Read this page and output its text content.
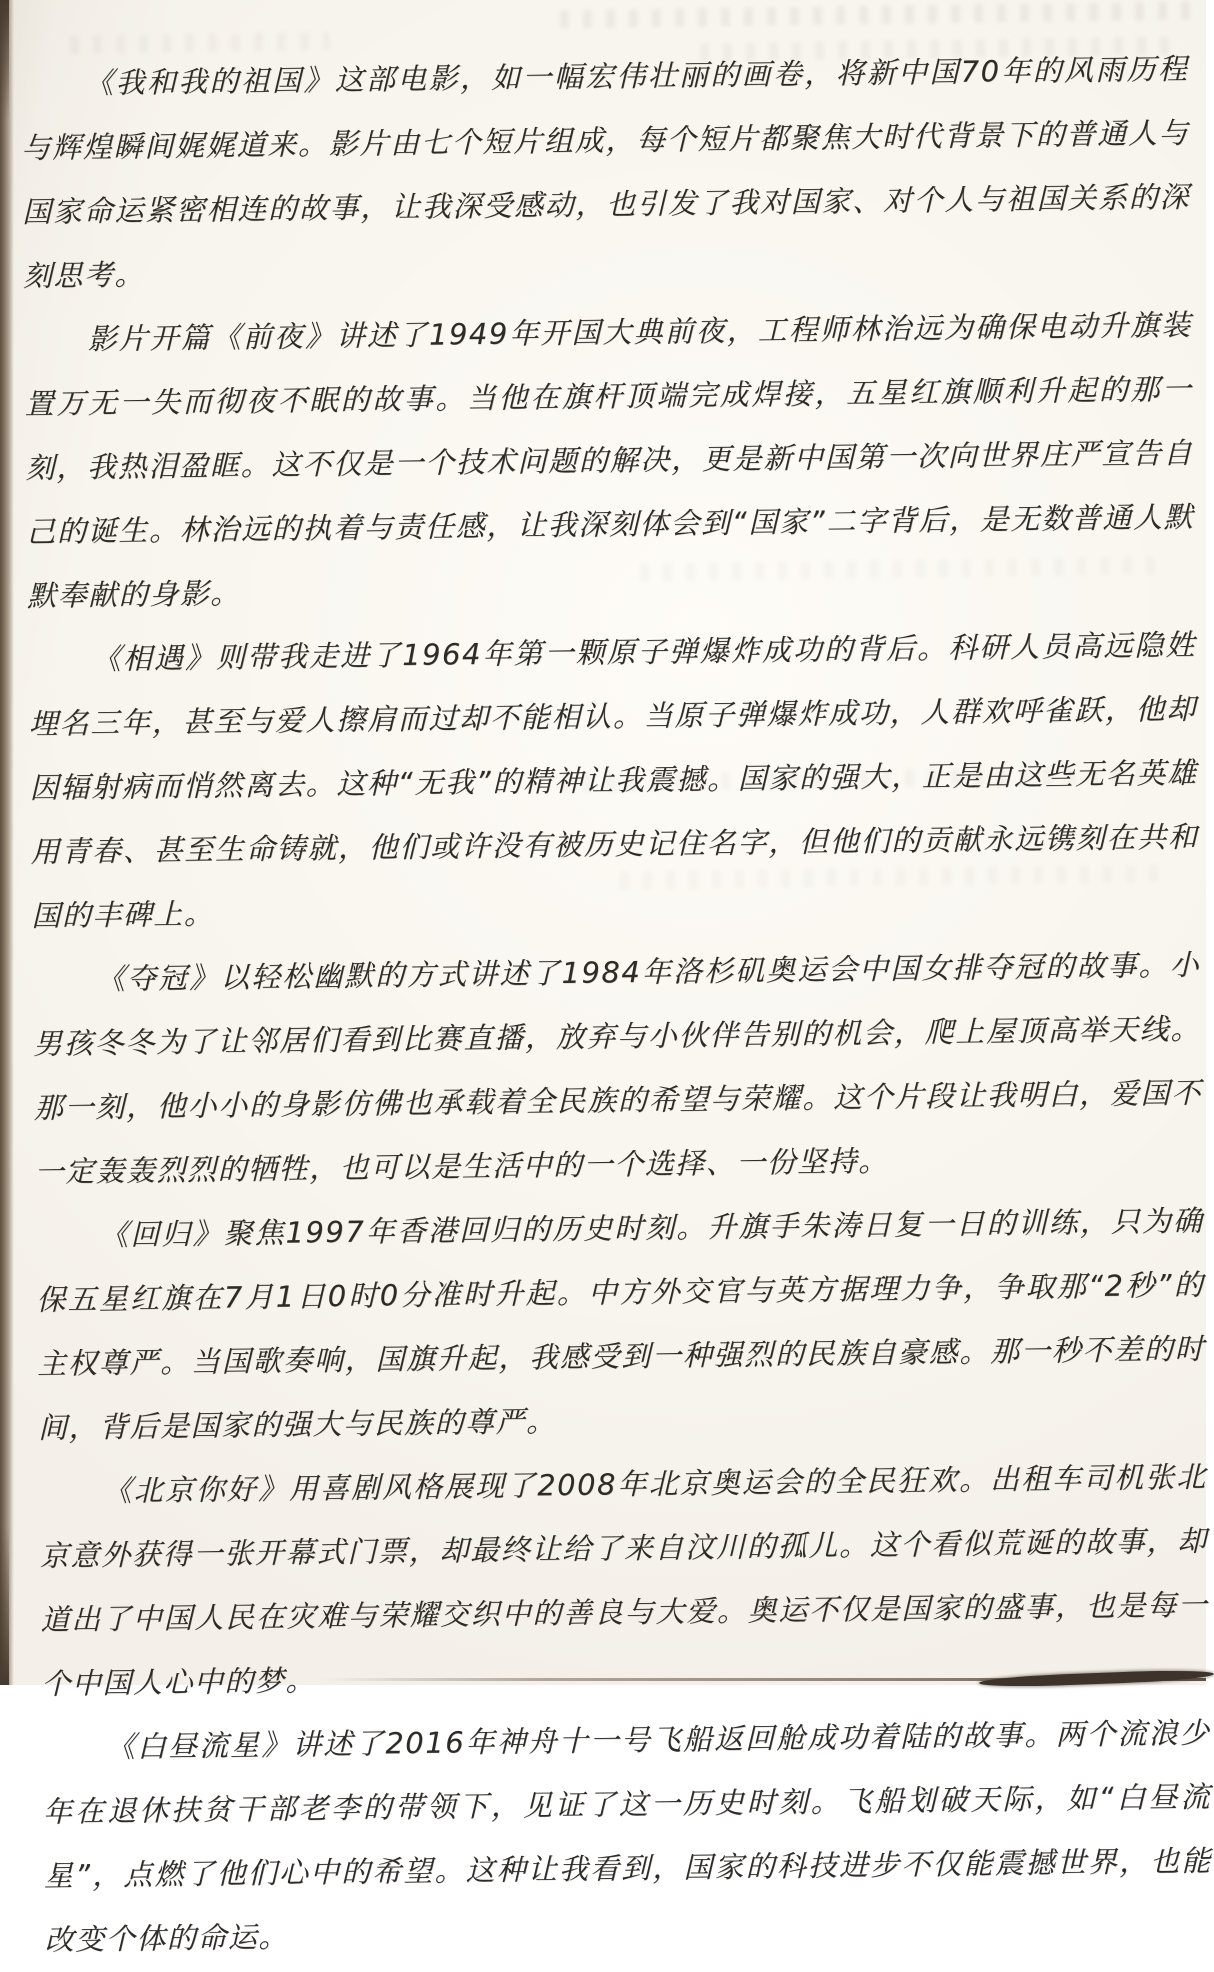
《我和我的祖国》这部电影，如一幅宏伟壮丽的画卷，将新中国70年的风雨历程与辉煌瞬间娓娓道来。影片由七个短片组成，每个短片都聚焦大时代背景下的普通人与国家命运紧密相连的故事，让我深受感动，也引发了我对国家、对个人与祖国关系的深刻思考。

影片开篇《前夜》讲述了1949年开国大典前夜，工程师林治远为确保电动升旗装置万无一失而彻夜不眠的故事。当他在旗杆顶端完成焊接，五星红旗顺利升起的那一刻，我热泪盈眶。这不仅是一个技术问题的解决，更是新中国第一次向世界庄严宣告自己的诞生。林治远的执着与责任感，让我深刻体会到“国家”二字背后，是无数普通人默默奉献的身影。

《相遇》则带我走进了1964年第一颗原子弹爆炸成功的背后。科研人员高远隐姓埋名三年，甚至与爱人擦肩而过却不能相认。当原子弹爆炸成功，人群欢呼雀跃，他却因辐射病而悄然离去。这种“无我”的精神让我震撼。国家的强大，正是由这些无名英雄用青春、甚至生命铸就，他们或许没有被历史记住名字，但他们的贡献永远镌刻在共和国的丰碑上。

《夺冠》以轻松幽默的方式讲述了1984年洛杉矶奥运会中国女排夺冠的故事。小男孩冬冬为了让邻居们看到比赛直播，放弃与小伙伴告别的机会，爬上屋顶高举天线。那一刻，他小小的身影仿佛也承载着全民族的希望与荣耀。这个片段让我明白，爱国不一定轰轰烈烈的牺牲，也可以是生活中的一个选择、一份坚持。

《回归》聚焦1997年香港回归的历史时刻。升旗手朱涛日复一日的训练，只为确保五星红旗在7月1日0时0分准时升起。中方外交官与英方据理力争，争取那“2秒”的主权尊严。当国歌奏响，国旗升起，我感受到一种强烈的民族自豪感。那一秒不差的时间，背后是国家的强大与民族的尊严。

《北京你好》用喜剧风格展现了2008年北京奥运会的全民狂欢。出租车司机张北京意外获得一张开幕式门票，却最终让给了来自汶川的孤儿。这个看似荒诞的故事，却道出了中国人民在灾难与荣耀交织中的善良与大爱。奥运不仅是国家的盛事，也是每一个中国人心中的梦。

《白昼流星》讲述了2016年神舟十一号飞船返回舱成功着陆的故事。两个流浪少年在退休扶贫干部老李的带领下，见证了这一历史时刻。飞船划破天际，如“白昼流星”，点燃了他们心中的希望。这种让我看到，国家的科技进步不仅能震撼世界，也能改变个体的命运。
